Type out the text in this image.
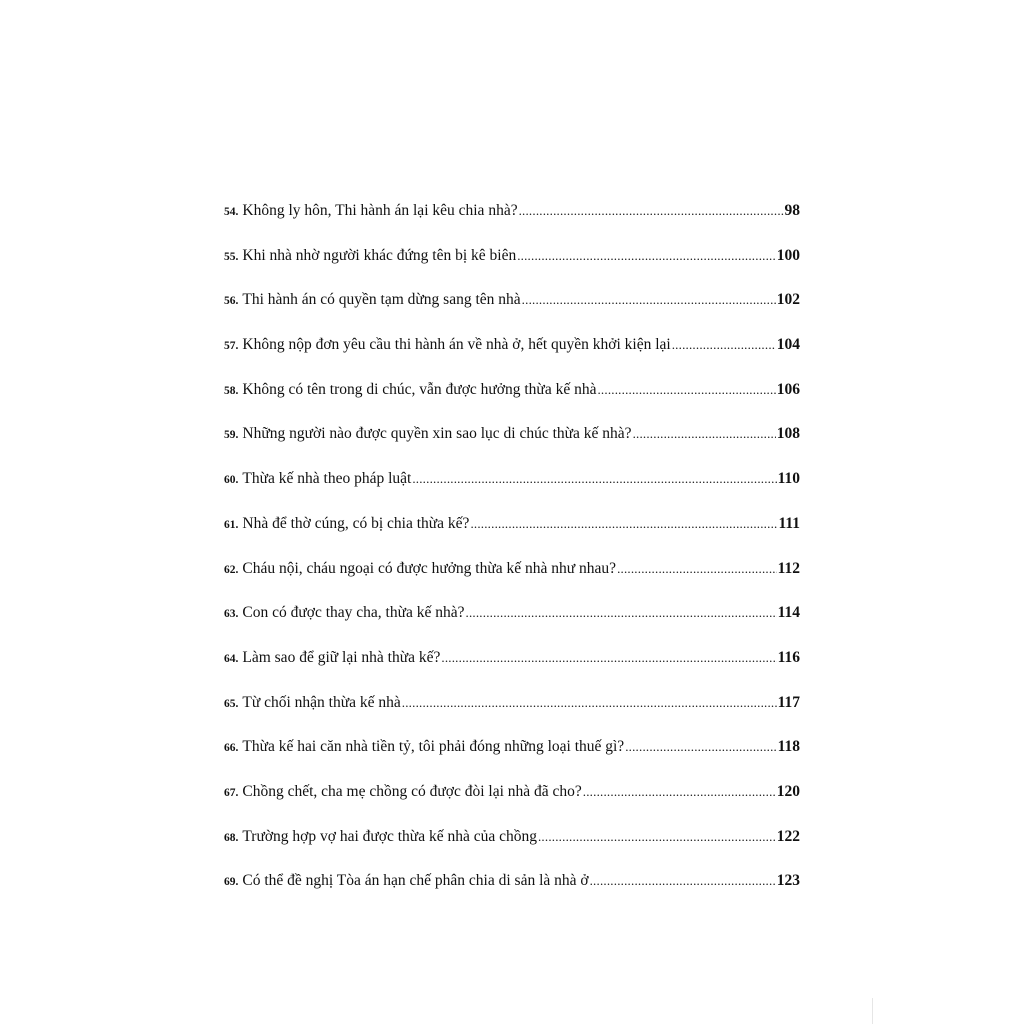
54. Không ly hôn, Thi hành án lại kêu chia nhà? .....	98
55. Khi nhà nhờ người khác đứng tên bị kê biên .....	100
56. Thi hành án có quyền tạm dừng sang tên nhà .....	102
57. Không nộp đơn yêu cầu thi hành án về nhà ở, hết quyền khởi kiện lại .....	104
58. Không có tên trong di chúc, vẫn được hưởng thừa kế nhà .....	106
59. Những người nào được quyền xin sao lục di chúc thừa kế nhà? .....	108
60. Thừa kế nhà theo pháp luật .....	110
61. Nhà để thờ cúng, có bị chia thừa kế? .....	111
62. Cháu nội, cháu ngoại có được hưởng thừa kế nhà như nhau? .....	112
63. Con có được thay cha, thừa kế nhà? .....	114
64. Làm sao để giữ lại nhà thừa kế? .....	116
65. Từ chối nhận thừa kế nhà .....	117
66. Thừa kế hai căn nhà tiền tỷ, tôi phải đóng những loại thuế gì? .....	118
67. Chồng chết, cha mẹ chồng có được đòi lại nhà đã cho? .....	120
68. Trường hợp vợ hai được thừa kế nhà của chồng .....	122
69. Có thể đề nghị Tòa án hạn chế phân chia di sản là nhà ở .....	123
